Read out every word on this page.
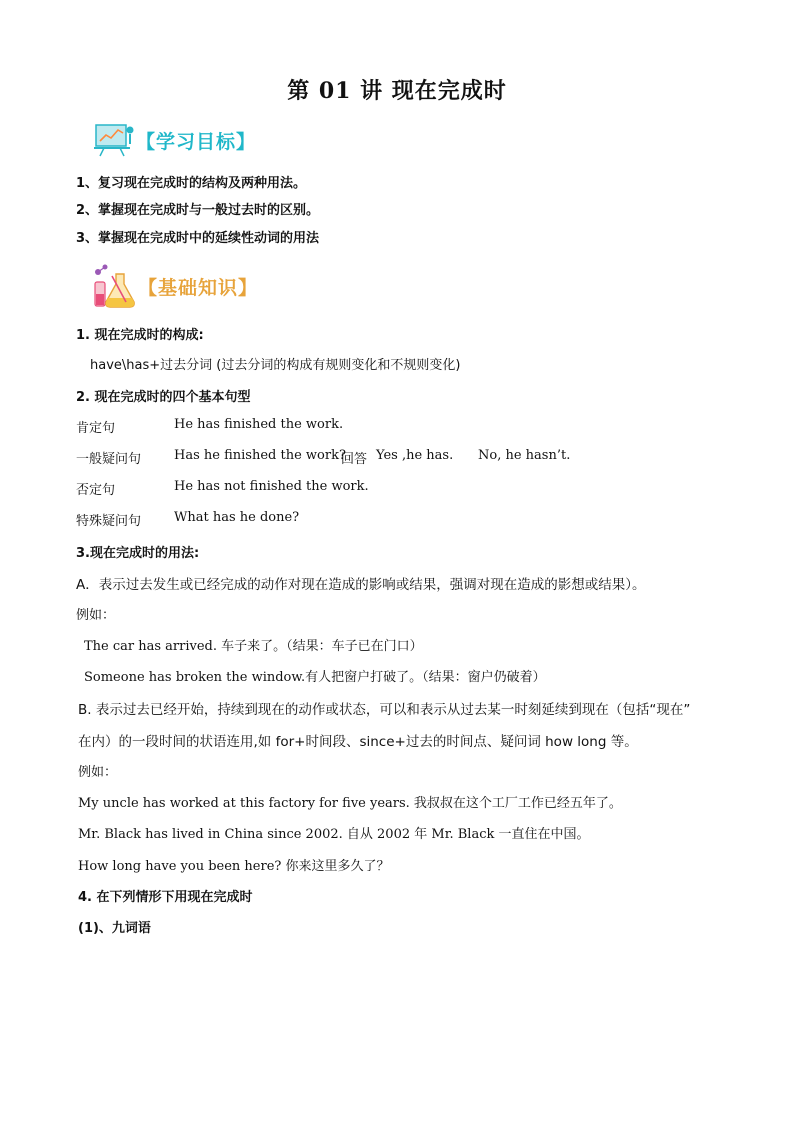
第 01 讲 现在完成时
【学习目标】
1、复习现在完成时的结构及两种用法。
2、掌握现在完成时与一般过去时的区别。
3、掌握现在完成时中的延续性动词的用法
【基础知识】
1. 现在完成时的构成:
have\has+过去分词 (过去分词的构成有规则变化和不规则变化)
2. 现在完成时的四个基本句型
肯定句	He has finished the work.
一般疑问句	Has he finished the work?
回答 Yes ,he has. No, he hasn’t.
否定句	He has not finished the work.
特殊疑问句	What has he done?
3.现在完成时的用法:
A．表示过去发生或已经完成的动作对现在造成的影响或结果，强调对现在造成的影想或结果）。
例如：
The car has arrived. 车子来了。（结果：车子已在门口）
Someone has broken the window.有人把窗户打破了。（结果：窗户仍破着）
B. 表示过去已经开始，持续到现在的动作或状态，可以和表示从过去某一时刻延续到现在（包括“现在”
在内）的一段时间的状语连用,如 for+时间段、since+过去的时间点、疑问词 how long 等。
例如：
My uncle has worked at this factory for five years. 我叔叔在这个工厂工作已经五年了。
Mr. Black has lived in China since 2002. 自从 2002 年 Mr. Black 一直住在中国。
How long have you been here? 你来这里多久了？
4. 在下列情形下用现在完成时
(1)、九词语
